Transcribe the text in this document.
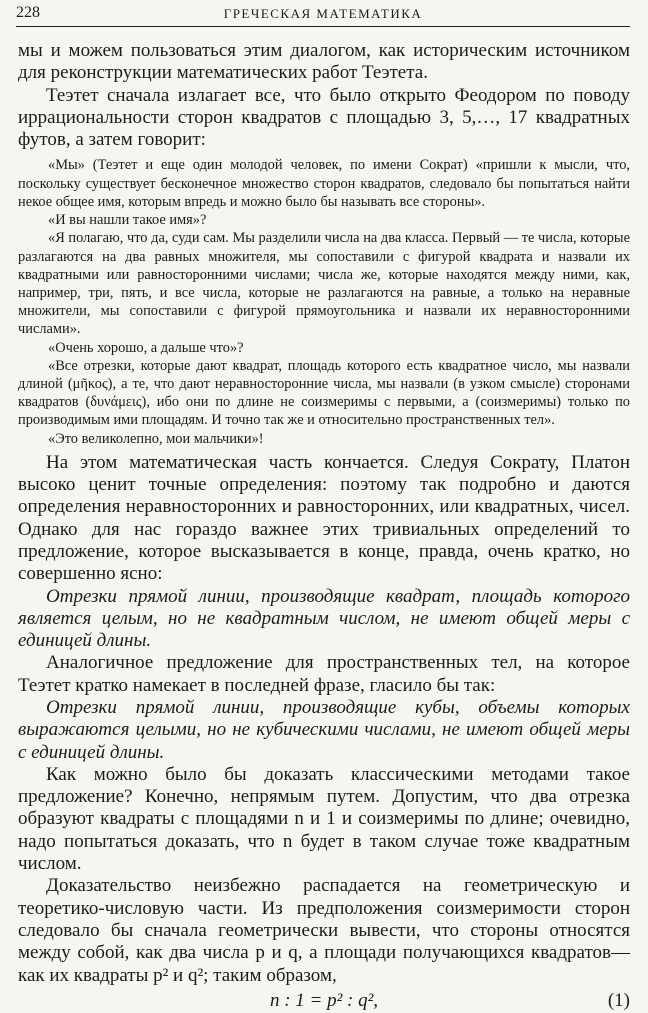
228	ГРЕЧЕСКАЯ МАТЕМАТИКА

мы и можем пользоваться этим диалогом, как историческим источником для реконструкции математических работ Теэтета.

Теэтет сначала излагает все, что было открыто Феодором по поводу иррациональности сторон квадратов с площадью 3, 5,…, 17 квадратных футов, а затем говорит:

«Мы» (Теэтет и еще один молодой человек, по имени Сократ) «пришли к мысли, что, поскольку существует бесконечное множество сторон квадратов, следовало бы попытаться найти некое общее имя, которым впредь и можно было бы называть все стороны».

«И вы нашли такое имя»?

«Я полагаю, что да, суди сам. Мы разделили числа на два класса. Первый — те числа, которые разлагаются на два равных множителя, мы сопоставили с фигурой квадрата и назвали их квадратными или равносторонними числами; числа же, которые находятся между ними, как, например, три, пять, и все числа, которые не разлагаются на равные, а только на неравные множители, мы сопоставили с фигурой прямоугольника и назвали их неравносторонними числами».

«Очень хорошо, а дальше что»?

«Все отрезки, которые дают квадрат, площадь которого есть квадратное число, мы назвали длиной (μῆκος), а те, что дают неравносторонние числа, мы назвали (в узком смысле) сторонами квадратов (δυνάμεις), ибо они по длине не соизмеримы с первыми, а (соизмеримы) только по производимым ими площадям. И точно так же и относительно пространственных тел».

«Это великолепно, мои мальчики»!

На этом математическая часть кончается. Следуя Сократу, Платон высоко ценит точные определения: поэтому так подробно и даются определения неравносторонних и равносторонних, или квадратных, чисел. Однако для нас гораздо важнее этих тривиальных определений то предложение, которое высказывается в конце, правда, очень кратко, но совершенно ясно:

Отрезки прямой линии, производящие квадрат, площадь которого является целым, но не квадратным числом, не имеют общей меры с единицей длины.

Аналогичное предложение для пространственных тел, на которое Теэтет кратко намекает в последней фразе, гласило бы так:

Отрезки прямой линии, производящие кубы, объемы которых выражаются целыми, но не кубическими числами, не имеют общей меры с единицей длины.

Как можно было бы доказать классическими методами такое предложение? Конечно, непрямым путем. Допустим, что два отрезка образуют квадраты с площадями n и 1 и соизмеримы по длине; очевидно, надо попытаться доказать, что n будет в таком случае тоже квадратным числом.

Доказательство неизбежно распадается на геометрическую и теоретико-числовую части. Из предположения соизмеримости сторон следовало бы сначала геометрически вывести, что стороны относятся между собой, как два числа p и q, а площади получающихся квадратов—как их квадраты p² и q²; таким образом,

n : 1 = p² : q²,	(1)
